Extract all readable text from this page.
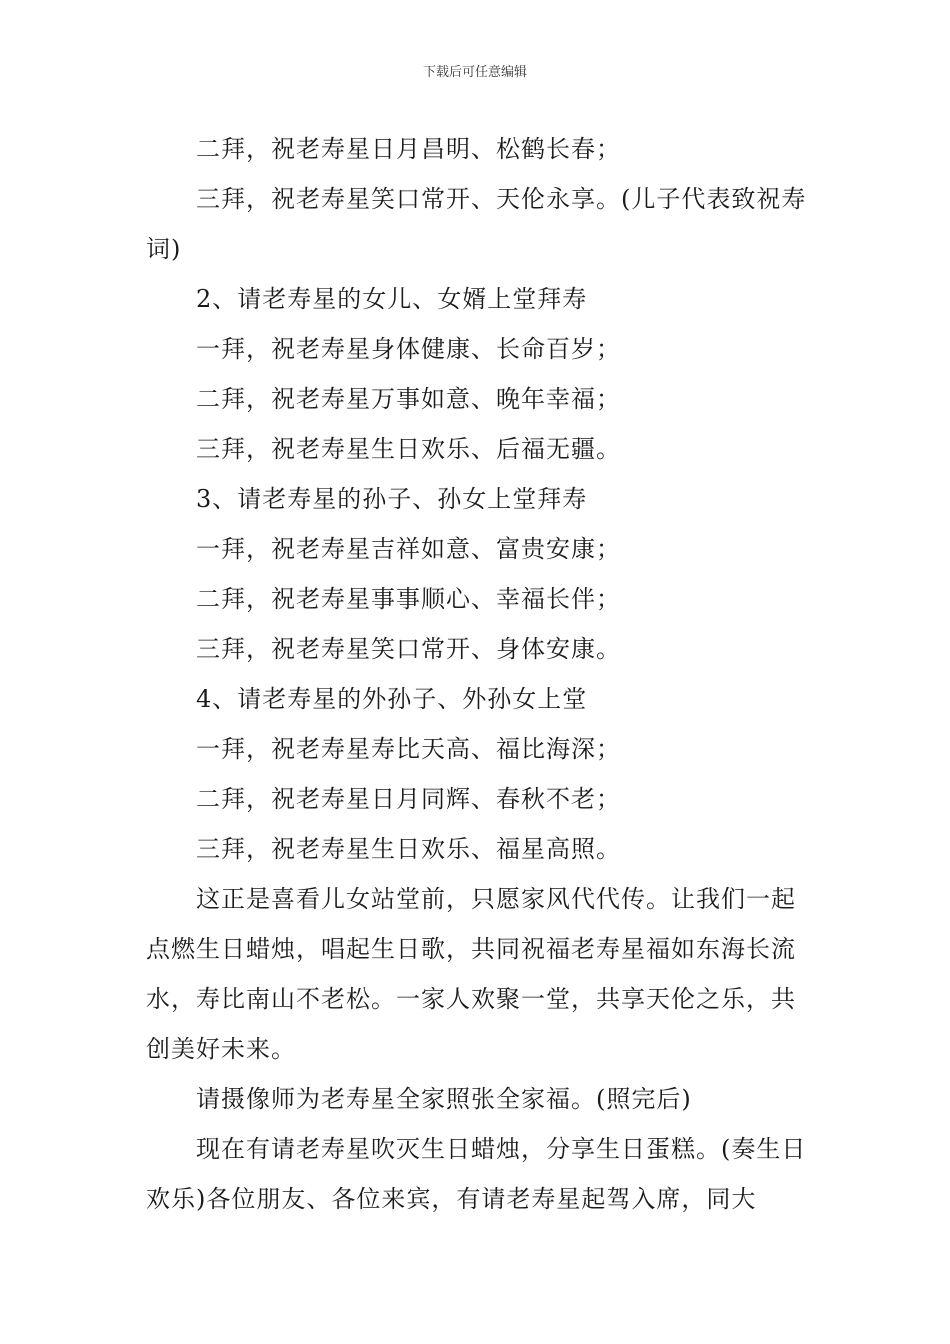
下载后可任意编辑

二拜，祝老寿星日月昌明、松鹤长春；

三拜，祝老寿星笑口常开、天伦永享。(儿子代表致祝寿词)

2、请老寿星的女儿、女婿上堂拜寿

一拜，祝老寿星身体健康、长命百岁；

二拜，祝老寿星万事如意、晚年幸福；

三拜，祝老寿星生日欢乐、后福无疆。

3、请老寿星的孙子、孙女上堂拜寿

一拜，祝老寿星吉祥如意、富贵安康；

二拜，祝老寿星事事顺心、幸福长伴；

三拜，祝老寿星笑口常开、身体安康。

4、请老寿星的外孙子、外孙女上堂

一拜，祝老寿星寿比天高、福比海深；

二拜，祝老寿星日月同辉、春秋不老；

三拜，祝老寿星生日欢乐、福星高照。

这正是喜看儿女站堂前，只愿家风代代传。让我们一起点燃生日蜡烛，唱起生日歌，共同祝福老寿星福如东海长流水，寿比南山不老松。一家人欢聚一堂，共享天伦之乐，共创美好未来。

请摄像师为老寿星全家照张全家福。(照完后)

现在有请老寿星吹灭生日蜡烛，分享生日蛋糕。(奏生日欢乐)各位朋友、各位来宾，有请老寿星起驾入席，同大
